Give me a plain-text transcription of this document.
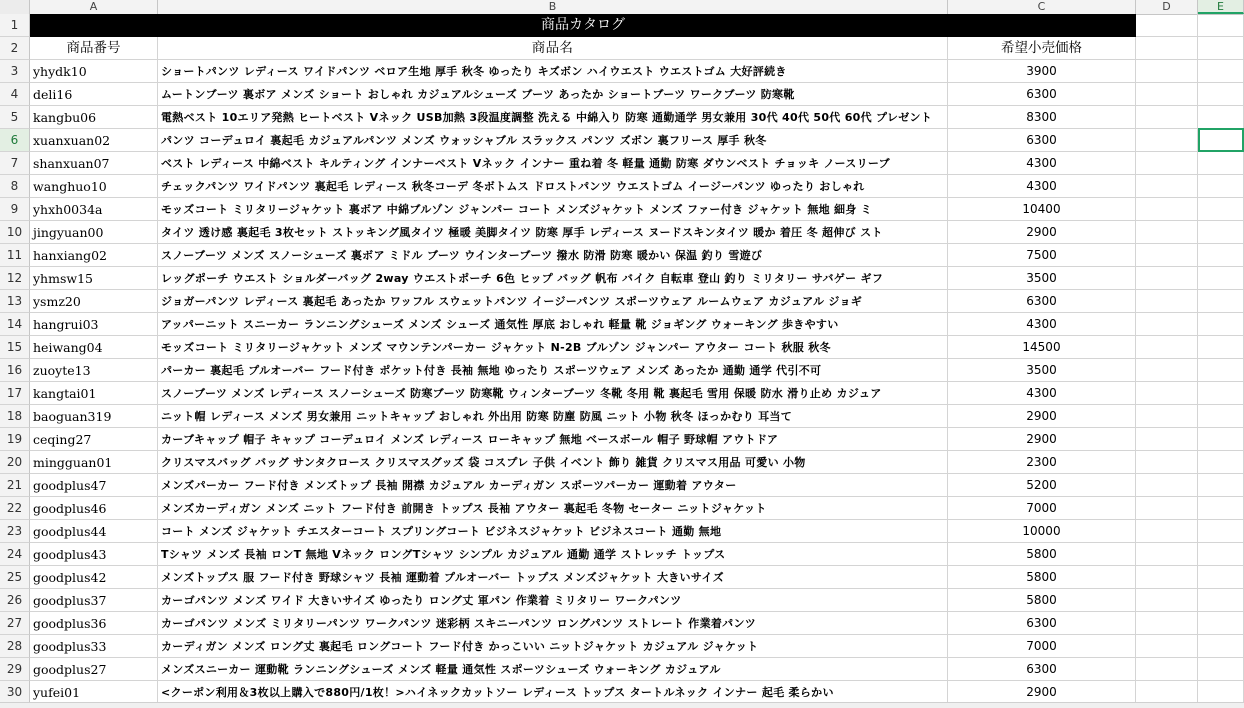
A	B	C	D	E
1	商品カタログ
2	商品番号	商品名	希望小売価格
3	yhydk10	ショートパンツ レディース ワイドパンツ ベロア生地 厚手 秋冬 ゆったり キズボン ハイウエスト ウエストゴム 大好評続き	3900
4	deli16	ムートンブーツ 裏ボア メンズ ショート おしゃれ カジュアルシューズ ブーツ あったか ショートブーツ ワークブーツ 防寒靴	6300
5	kangbu06	電熱ベスト 10エリア発熱 ヒートベスト Vネック USB加熱 3段温度調整 洗える 中綿入り 防寒 通勤通学 男女兼用 30代 40代 50代 60代 プレゼント	8300
6	xuanxuan02	パンツ コーデュロイ 裏起毛 カジュアルパンツ メンズ ウォッシャブル スラックス パンツ ズボン 裏フリース 厚手 秋冬	6300
7	shanxuan07	ベスト レディース 中綿ベスト キルティング インナーベスト Vネック インナー 重ね着 冬 軽量 通勤 防寒 ダウンベスト チョッキ ノースリーブ	4300
8	wanghuo10	チェックパンツ ワイドパンツ 裏起毛 レディース 秋冬コーデ 冬ボトムス ドロストパンツ ウエストゴム イージーパンツ ゆったり おしゃれ	4300
9	yhxh0034a	モッズコート ミリタリージャケット 裏ボア 中綿ブルゾン ジャンパー コート メンズジャケット メンズ ファー付き ジャケット 無地 細身 ミ	10400
10 jingyuan00	タイツ 透け感 裏起毛 3枚セット ストッキング風タイツ 極暖 美脚タイツ 防寒 厚手 レディース ヌードスキンタイツ 暖か 着圧 冬 超伸び スト	2900
11 hanxiang02	スノーブーツ メンズ スノーシューズ 裏ボア ミドル ブーツ ウインターブーツ 撥水 防滑 防寒 暖かい 保温 釣り 雪遊び	7500
12 yhmsw15	レッグポーチ ウエスト ショルダーバッグ 2way ウエストポーチ 6色 ヒップ バッグ 帆布 バイク 自転車 登山 釣り ミリタリー サバゲー ギフ	3500
13 ysmz20	ジョガーパンツ レディース 裏起毛 あったか ワッフル スウェットパンツ イージーパンツ スポーツウェア ルームウェア カジュアル ジョギ	6300
14 hangrui03	アッパーニット スニーカー ランニングシューズ メンズ シューズ 通気性 厚底 おしゃれ 軽量 靴 ジョギング ウォーキング 歩きやすい	4300
15 heiwang04	モッズコート ミリタリージャケット メンズ マウンテンパーカー ジャケット N-2B ブルゾン ジャンパー アウター コート 秋服 秋冬	14500
16 zuoyte13	パーカー 裏起毛 プルオーバー フード付き ポケット付き 長袖 無地 ゆったり スポーツウェア メンズ あったか 通勤 通学 代引不可	3500
17 kangtai01	スノーブーツ メンズ レディース スノーシューズ 防寒ブーツ 防寒靴 ウィンターブーツ 冬靴 冬用 靴 裏起毛 雪用 保暖 防水 滑り止め カジュア	4300
18 baoguan319	ニット帽 レディース メンズ 男女兼用 ニットキャップ おしゃれ 外出用 防寒 防塵 防風 ニット 小物 秋冬 ほっかむり 耳当て	2900
19 ceqing27	カーブキャップ 帽子 キャップ コーデュロイ メンズ レディース ローキャップ 無地 ベースボール 帽子 野球帽 アウトドア	2900
20 mingguan01	クリスマスバッグ バッグ サンタクロース クリスマスグッズ 袋 コスプレ 子供 イベント 飾り 雑貨 クリスマス用品 可愛い 小物	2300
21 goodplus47	メンズパーカー フード付き メンズトップ 長袖 開襟 カジュアル カーディガン スポーツパーカー 運動着 アウター	5200
22 goodplus46	メンズカーディガン メンズ ニット フード付き 前開き トップス 長袖 アウター 裏起毛 冬物 セーター ニットジャケット	7000
23 goodplus44	コート メンズ ジャケット チエスターコート スプリングコート ビジネスジャケット ビジネスコート 通勤 無地	10000
24 goodplus43	Tシャツ メンズ 長袖 ロンT 無地 Vネック ロングTシャツ シンプル カジュアル 通勤 通学 ストレッチ トップス	5800
25 goodplus42	メンズトップス 服 フード付き 野球シャツ 長袖 運動着 プルオーバー トップス メンズジャケット 大きいサイズ	5800
26 goodplus37	カーゴパンツ メンズ ワイド 大きいサイズ ゆったり ロング丈 軍パン 作業着 ミリタリー ワークパンツ	5800
27 goodplus36	カーゴパンツ メンズ ミリタリーパンツ ワークパンツ 迷彩柄 スキニーパンツ ロングパンツ ストレート 作業着パンツ	6300
28 goodplus33	カーディガン メンズ ロング丈 裏起毛 ロングコート フード付き かっこいい ニットジャケット カジュアル ジャケット	7000
29 goodplus27	メンズスニーカー 運動靴 ランニングシューズ メンズ 軽量 通気性 スポーツシューズ ウォーキング カジュアル	6300
30 yufei01	<クーポン利用＆3枚以上購入で880円/1枚！>ハイネックカットソー レディース トップス タートルネック インナー 起毛 柔らかい	2900
